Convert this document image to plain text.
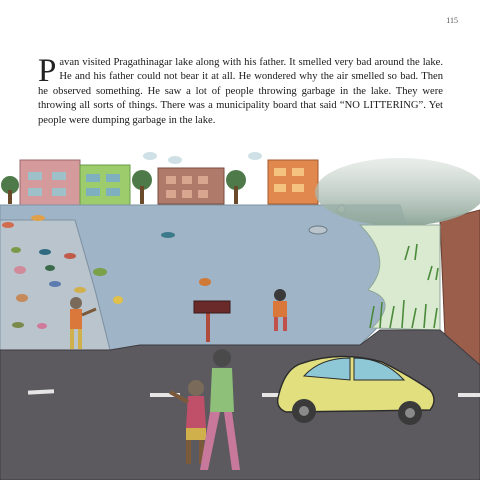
115

Pavan visited Pragathinagar lake along with his father. It smelled very bad around the lake. He and his father could not bear it at all. He wondered why the air smelled so bad. Then he observed something. He saw a lot of people throwing garbage in the lake. They were throwing all sorts of things. There was a municipality board that said “NO LITTERING”. Yet people were dumping garbage in the lake.
